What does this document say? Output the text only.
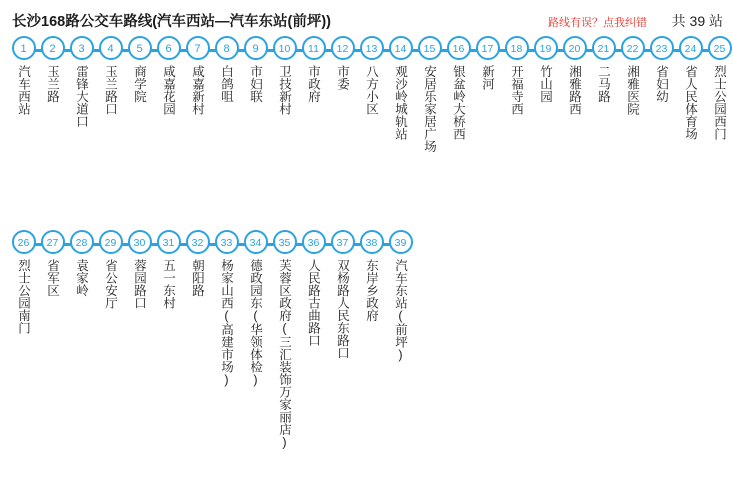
长沙168路公交车路线(汽车西站—汽车东站(前坪))	路线有误？点我纠错 共 39 站
1
汽车西站
2
玉兰路
3
雷锋大道口
4
玉兰路口
5
商学院
6
咸嘉花园
7
咸嘉新村
8
白鸽咀
9
市妇联
10
卫技新村
11
市政府
12
市委
13
八方小区
14
观沙岭城轨站
15
安居乐家居广场
16
银盆岭大桥西
17
新河
18
开福寺西
19
竹山园
20
湘雅路西
21
二马路
22
湘雅医院
23
省妇幼
24
省人民体育场
25
烈士公园西门
26
烈士公园南门
27
省军区
28
袁家岭
29
省公安厅
30
蓉园路口
31
五一东村
32
朝阳路
33
杨家山西(高建市场)
34
德政园东(华领体检)
35
芙蓉区政府(三汇装饰万家丽店)
36
人民路古曲路口
37
双杨路人民东路口
38
东岸乡政府
39
汽车东站(前坪)
